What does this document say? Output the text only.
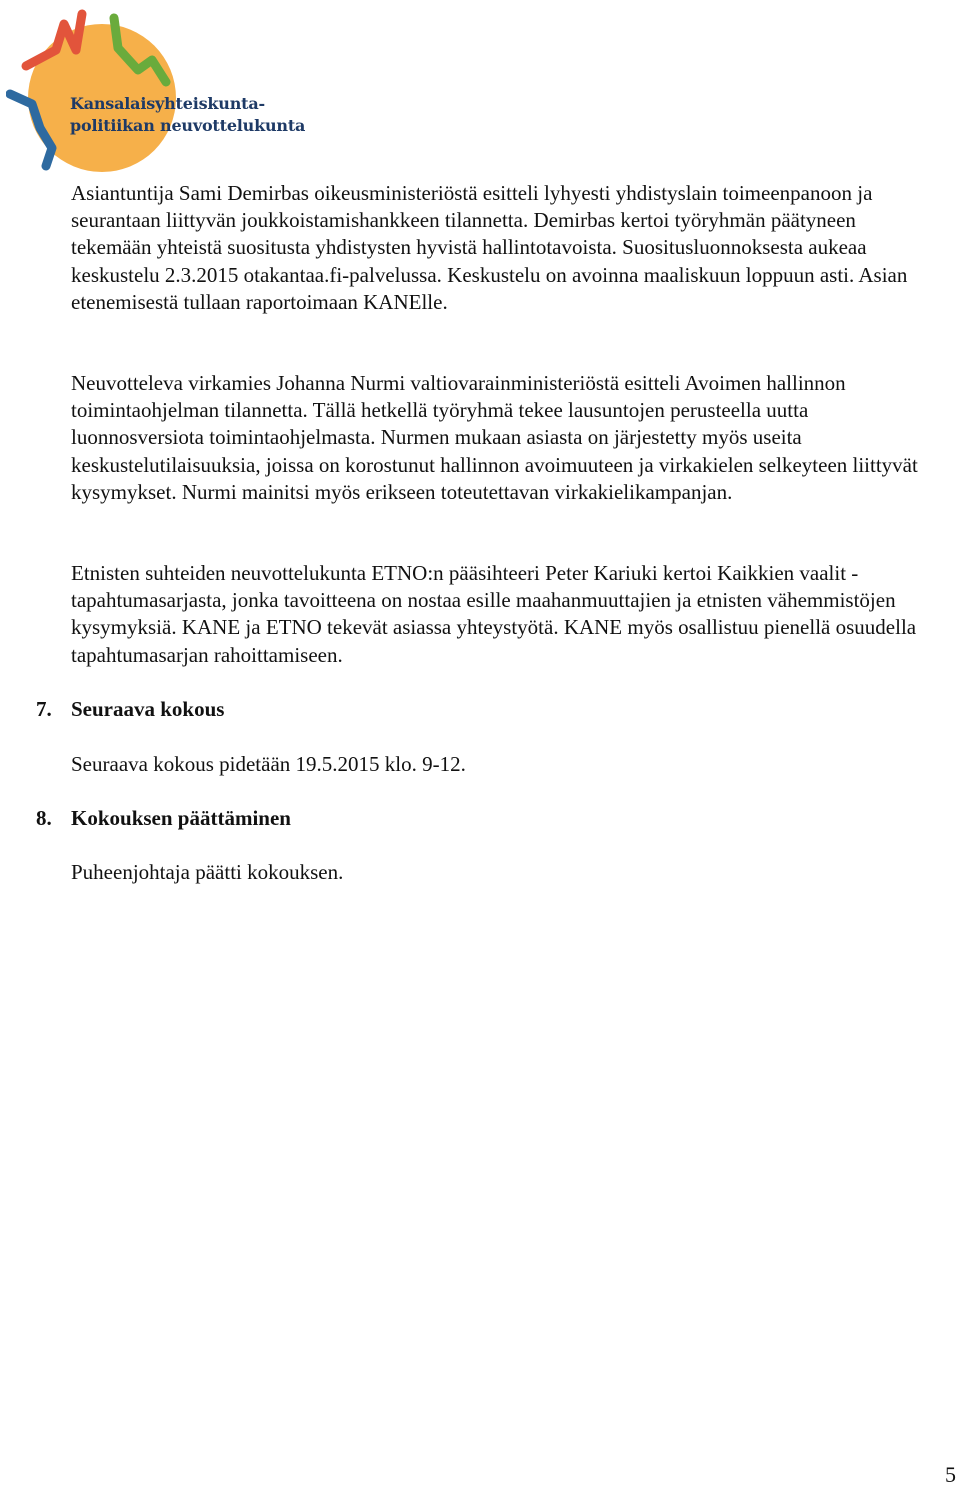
Kansalaisyhteiskunta-
politiikan neuvottelukunta

Asiantuntija Sami Demirbas oikeusministeriöstä esitteli lyhyesti yhdistyslain toimeenpanoon ja seurantaan liittyvän joukkoistamishankkeen tilannetta. Demirbas kertoi työryhmän päätyneen tekemään yhteistä suositusta yhdistysten hyvistä hallintotavoista. Suositusluonnoksesta aukeaa keskustelu 2.3.2015 otakantaa.fi-palvelussa. Keskustelu on avoinna maaliskuun loppuun asti. Asian etenemisestä tullaan raportoimaan KANElle.

Neuvotteleva virkamies Johanna Nurmi valtiovarainministeriöstä esitteli Avoimen hallinnon toimintaohjelman tilannetta. Tällä hetkellä työryhmä tekee lausuntojen perusteella uutta luonnosversiota toimintaohjelmasta. Nurmen mukaan asiasta on järjestetty myös useita keskustelutilaisuuksia, joissa on korostunut hallinnon avoimuuteen ja virkakielen selkeyteen liittyvät kysymykset. Nurmi mainitsi myös erikseen toteutettavan virkakielikampanjan.

Etnisten suhteiden neuvottelukunta ETNO:n pääsihteeri Peter Kariuki kertoi Kaikkien vaalit -tapahtumasarjasta, jonka tavoitteena on nostaa esille maahanmuuttajien ja etnisten vähemmistöjen kysymyksiä. KANE ja ETNO tekevät asiassa yhteystyötä. KANE myös osallistuu pienellä osuudella tapahtumasarjan rahoittamiseen.

7. Seuraava kokous

Seuraava kokous pidetään 19.5.2015 klo. 9-12.

8. Kokouksen päättäminen

Puheenjohtaja päätti kokouksen.

5
